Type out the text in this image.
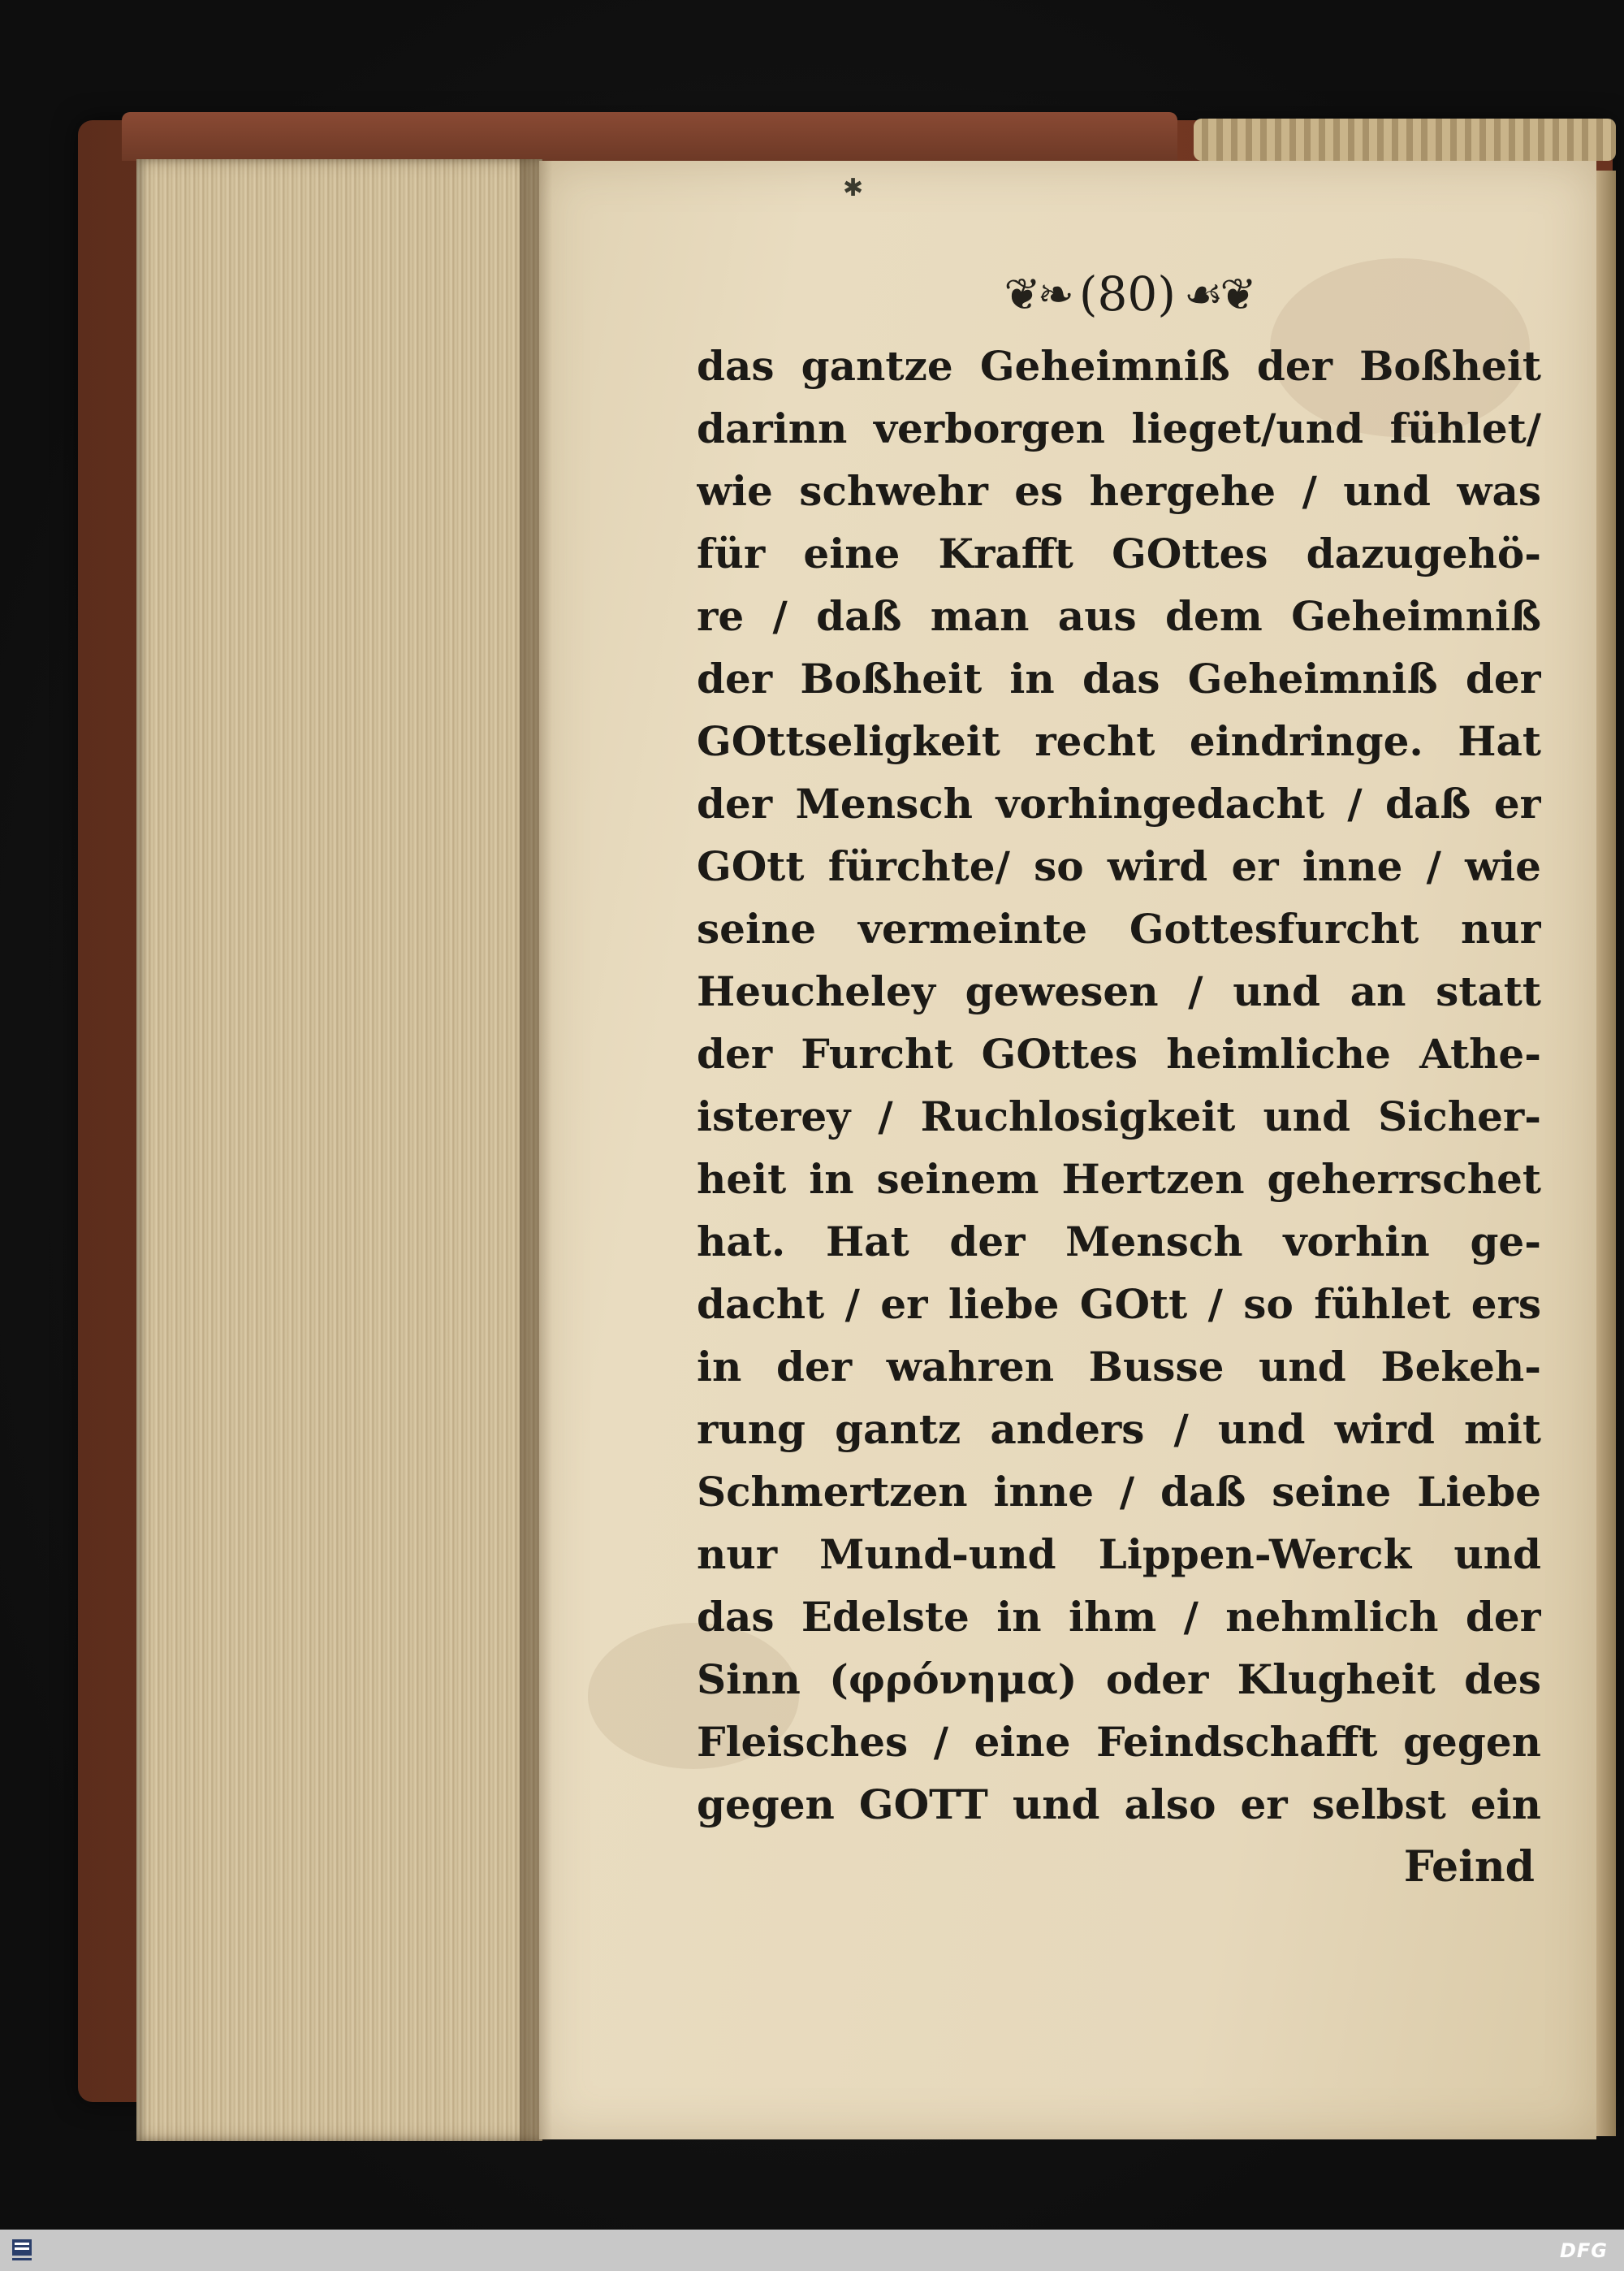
✱
❦❧ (80) ☙❦
das gantze Geheimniß der Boßheit
darinn verborgen lieget/und fühlet/
wie schwehr es hergehe / und was
für eine Krafft GOttes dazugehö-
re / daß man aus dem Geheimniß
der Boßheit in das Geheimniß der
GOttseligkeit recht eindringe. Hat
der Mensch vorhingedacht / daß er
GOtt fürchte/ so wird er inne / wie
seine vermeinte Gottesfurcht nur
Heucheley gewesen / und an statt
der Furcht GOttes heimliche Athe-
isterey / Ruchlosigkeit und Sicher-
heit in seinem Hertzen geherrschet
hat. Hat der Mensch vorhin ge-
dacht / er liebe GOtt / so fühlet ers
in der wahren Busse und Bekeh-
rung gantz anders / und wird mit
Schmertzen inne / daß seine Liebe
nur Mund-und Lippen-Werck und
das Edelste in ihm / nehmlich der
Sinn (φρόνημα) oder Klugheit des
Fleisches / eine Feindschafft gegen
gegen GOTT und also er selbst ein
Feind
DFG
